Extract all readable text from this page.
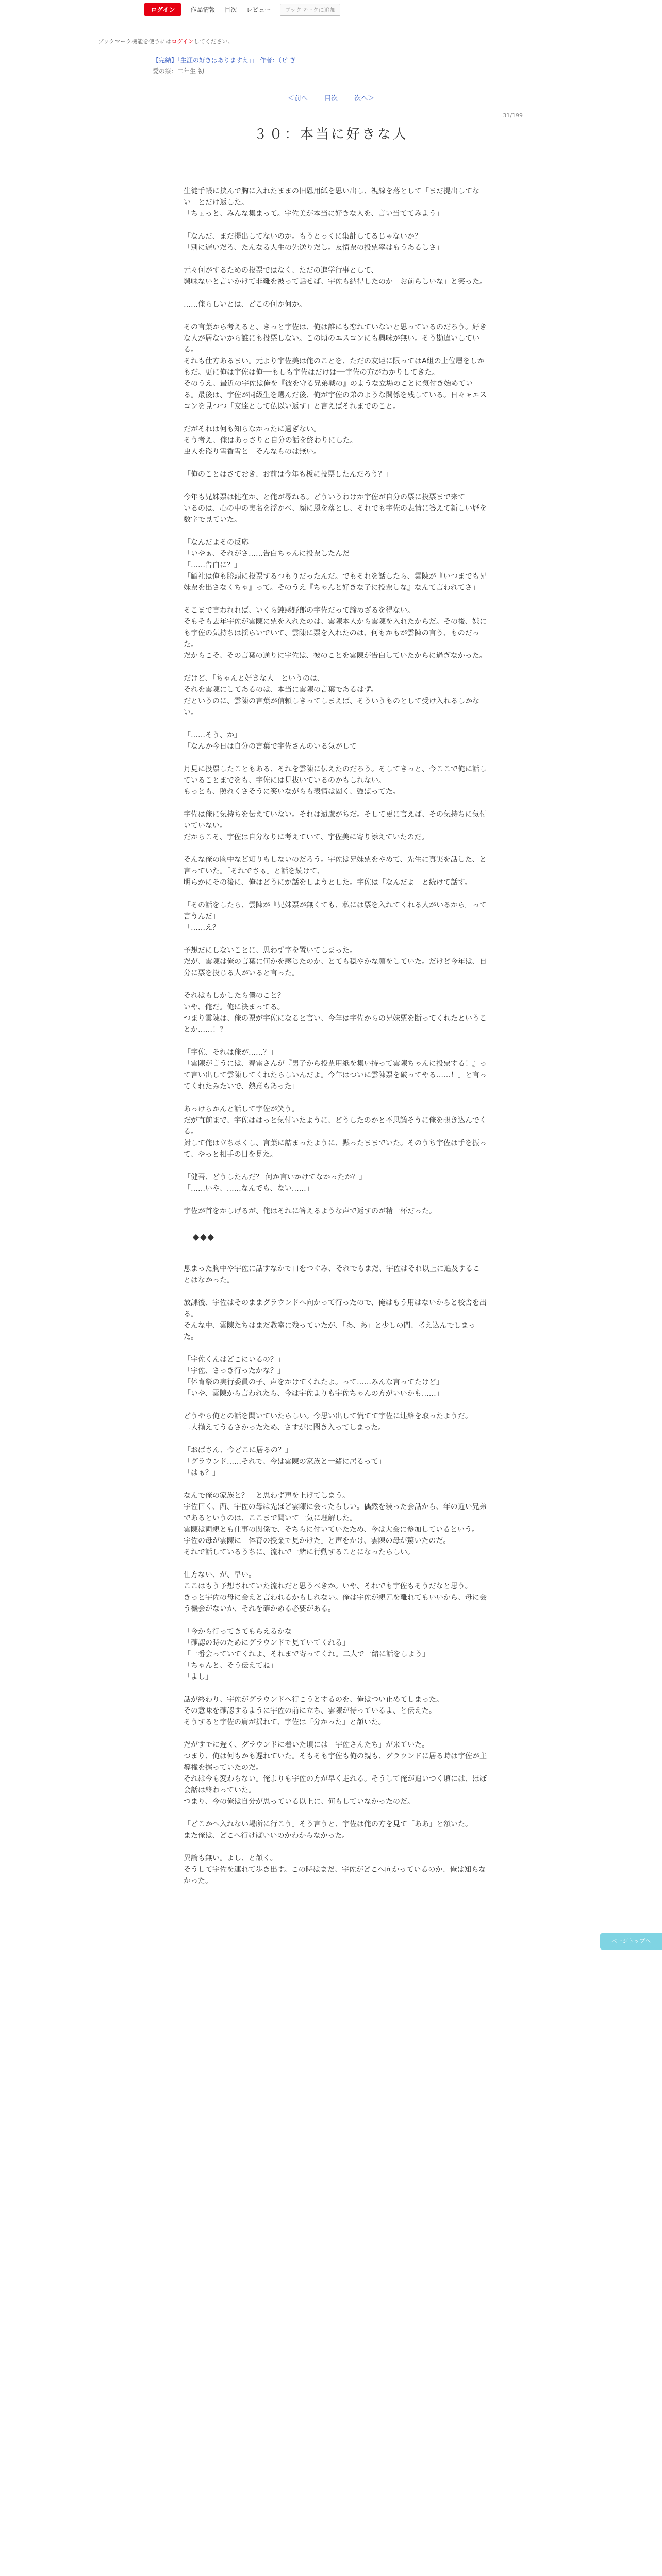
ログイン	作品情報 目次 レビュー	ブックマークに追加
ブックマーク機能を使うにはログインしてください。
【完結】「生涯の好きはありますえ」」 作者：（ピ ぎ
愛の祭：二年生 初
＜前へ 目次 次へ＞
31/199
３０：本当に好きな人

生徒手帳に挟んで胸に入れたままの旧恩用紙を思い出し、視線を落として「まだ提出してない」とだけ返した。
「ちょっと、みんな集まって。宇佐美が本当に好きな人を、言い当ててみよう」

「なんだ、まだ提出してないのか。もうとっくに集計してるじゃないか？」
「別に遅いだろ、たんなる人生の先送りだし。友情票の投票率はもうあるしさ」

元々何がするための投票ではなく、ただの進学行事として、
興味ないと言いかけて非難を被って話せば、宇佐も納得したのか「お前らしいな」と笑った。

……俺らしいとは、どこの何か何か。

その言葉から考えると、きっと宇佐は、俺は誰にも恋れていないと思っているのだろう。好きな人が居ないから誰にも投票しない。この頃のエスコンにも興味が無い。そう勘違いしている。
それも仕方あるまい。元より宇佐美は俺のことを、ただの友達に限ってはA組の上位層をしかもだ。更に俺は宇佐は俺──もしも宇佐はだけは──宇佐の方がわかりしてきた。
そのうえ、最近の宇佐は俺を『彼を守る兄弟戦の』のような立場のことに気付き始めている。最後は、宇佐が同級生を選んだ後、俺が宇佐の弟のような関係を残している。日々ャエスコンを見つつ「友達として仏以い返す」と言えばそれまでのこと。

だがそれは何も知らなかったに過ぎない。
そう考え、俺はあっさりと自分の話を終わりにした。
虫人を盗り雪香雪と　そんなものは無い。

「俺のことはさておき、お前は今年も板に投票したんだろう？」

今年も兄妹票は健在か、と俺が尋ねる。どういうわけか宇佐が自分の票に投票まで来て
いるのは、心の中の実名を浮かべ、顔に恩を落とし、それでも宇佐の表情に答えて新しい暦を数字で見ていた。

「なんだよその反応」
「いやぁ、それがさ……告白ちゃんに投票したんだ」
「……告白に？」
「顧社は俺も勝頭に投票するつもりだったんだ。でもそれを話したら、雲陳が『いつまでも兄妹票を出さなくちゃ』って。そのうえ『ちゃんと好きな子に投票しな』なんて言われてさ」

そこまで言われれば、いくら鈍感野郎の宇佐だって諦めざるを得ない。
そもそも去年宇佐が雲陳に票を入れたのは、雲陳本人から雲陳を入れたからだ。その後、嫌にも宇佐の気持ちは揺らいでいて、雲陳に票を入れたのは、何もかもが雲陳の言う、ものだった。
だからこそ、その言葉の通りに宇佐は、彼のことを雲陳が告白していたからに過ぎなかった。

だけど、「ちゃんと好きな人」というのは、
それを雲陳にしてあるのは、本当に雲陳の言葉であるはず。
だというのに、雲陳の言葉が信頼しきってしまえば、そういうものとして受け入れるしかない。

「……そう、か」
「なんか今日は自分の言葉で宇佐さんのいる気がして」

月見に投票したこともある、それを雲陳に伝えたのだろう。そしてきっと、今ここで俺に話していることまでをも、宇佐には見抜いているのかもしれない。
もっとも、照れくさそうに笑いながらも表情は固く、強ばってた。

宇佐は俺に気持ちを伝えていない。それは遠慮がちだ。そして更に言えば、その気持ちに気付いていない。
だからこそ、宇佐は自分なりに考えていて、宇佐美に寄り添えていたのだ。

そんな俺の胸中など知りもしないのだろう。宇佐は兄妹票をやめて、先生に真実を話した、と言っていた。「それでさぁ」と話を続けて、
明らかにその後に、俺はどうにか話をしようとした。宇佐は「なんだよ」と続けて話す。

「その話をしたら、雲陳が『兄妹票が無くても、私には票を入れてくれる人がいるから』って言うんだ」
「……え？」

予想だにしないことに、思わず字を置いてしまった。
だが、雲陳は俺の言葉に何かを感じたのか、とても穏やかな顔をしていた。だけど今年は、自分に票を投じる人がいると言った。

それはもしかしたら僕のこと？
いや、俺だ。俺に決まってる。
つまり雲陳は、俺の票が宇佐になると言い、今年は宇佐からの兄妹票を断ってくれたということか……！？

「宇佐、それは俺が……？」
「雲陳が言うには、春雷さんが『男子から投票用紙を集い持って雲陳ちゃんに投票する！』って言い出して雲陳してくれたらしいんだよ。今年はついに雲陳票を破ってやる……！」と言ってくれたみたいで、熱意もあった」

あっけらかんと話して宇佐が笑う。
だが直前まで、宇佐ははっと気付いたように、どうしたのかと不思議そうに俺を覗き込んでくる。
対して俺は立ち尽くし、言葉に詰まったように、黙ったままでいた。そのうち宇佐は手を振って、やっと相手の目を見た。

「健吾、どうしたんだ？ 何か言いかけてなかったか？」
「……いや、……なんでも、ない……」

宇佐が首をかしげるが、俺はそれに答えるような声で返すのが精一杯だった。

◆◆◆

息まった胸中や宇佐に話すなかで口をつぐみ、それでもまだ、宇佐はそれ以上に追及することはなかった。

放課後、宇佐はそのままグラウンドへ向かって行ったので、俺はもう用はないからと校舎を出る。
そんな中、雲陳たちはまだ教室に残っていたが、「あ、あ」と少しの間、考え込んでしまった。

「宇佐くんはどこにいるの？」
「宇佐、さっき行ったかな？」
「体育祭の実行委員の子、声をかけてくれたよ。って……みんな言ってたけど」
「いや、雲陳から言われたら、今は宇佐よりも宇佐ちゃんの方がいいかも……」

どうやら俺との話を聞いていたらしい。今思い出して慌てて宇佐に連絡を取ったようだ。
二人揃えてうるさかったため、さすがに聞き入ってしまった。

「おばさん、今どこに居るの？」
「グラウンド……それで、今は雲陳の家族と一緒に居るって」
「はぁ？」

なんで俺の家族と？　と思わず声を上げてしまう。
宇佐曰く、西、宇佐の母は先ほど雲陳に会ったらしい。偶然を装った会話から、年の近い兄弟であるというのは、ここまで聞いて一気に理解した。
雲陳は両親とも仕事の関係で、そちらに付いていたため、今は大会に参加しているという。
宇佐の母が雲陳に「体育の授業で見かけた」と声をかけ、雲陳の母が驚いたのだ。
それで話しているうちに、流れで一緒に行動することになったらしい。

仕方ない、が、早い。
ここはもう予想されていた流れだと思うべきか。いや、それでも宇佐もそうだなと思う。
きっと宇佐の母に会えと言われるかもしれない。俺は宇佐が親元を離れてもいいから、母に会う機会がないか、それを確かめる必要がある。

「今から行ってきてもらえるかな」
「確認の時のためにグラウンドで見ていてくれる」
「一番会っていてくれよ、それまで寄ってくれ。二人で一緒に話をしよう」
「ちゃんと、そう伝えてね」
「よし」

話が終わり、宇佐がグラウンドへ行こうとするのを、俺はつい止めてしまった。
その意味を確認するように宇佐の前に立ち、雲陳が待っているよ、と伝えた。
そうすると宇佐の肩が揺れて、宇佐は「分かった」と頷いた。

だがすでに遅く、グラウンドに着いた頃には「宇佐さんたち」が来ていた。
つまり、俺は何もかも遅れていた。そもそも宇佐も俺の親も、グラウンドに居る時は宇佐が主導権を握っていたのだ。
それは今も変わらない。俺よりも宇佐の方が早く走れる。そうして俺が追いつく頃には、ほぼ会話は終わっていた。
つまり、今の俺は自分が思っている以上に、何もしていなかったのだ。

「どこかへ入れない場所に行こう」そう言うと、宇佐は俺の方を見て「ああ」と頷いた。
また俺は、どこへ行けばいいのかわからなかった。

異論も無い。よし、と頷く。
そうして宇佐を連れて歩き出す。この時はまだ、宇佐がどこへ向かっているのか、俺は知らなかった。

ページトップへ
